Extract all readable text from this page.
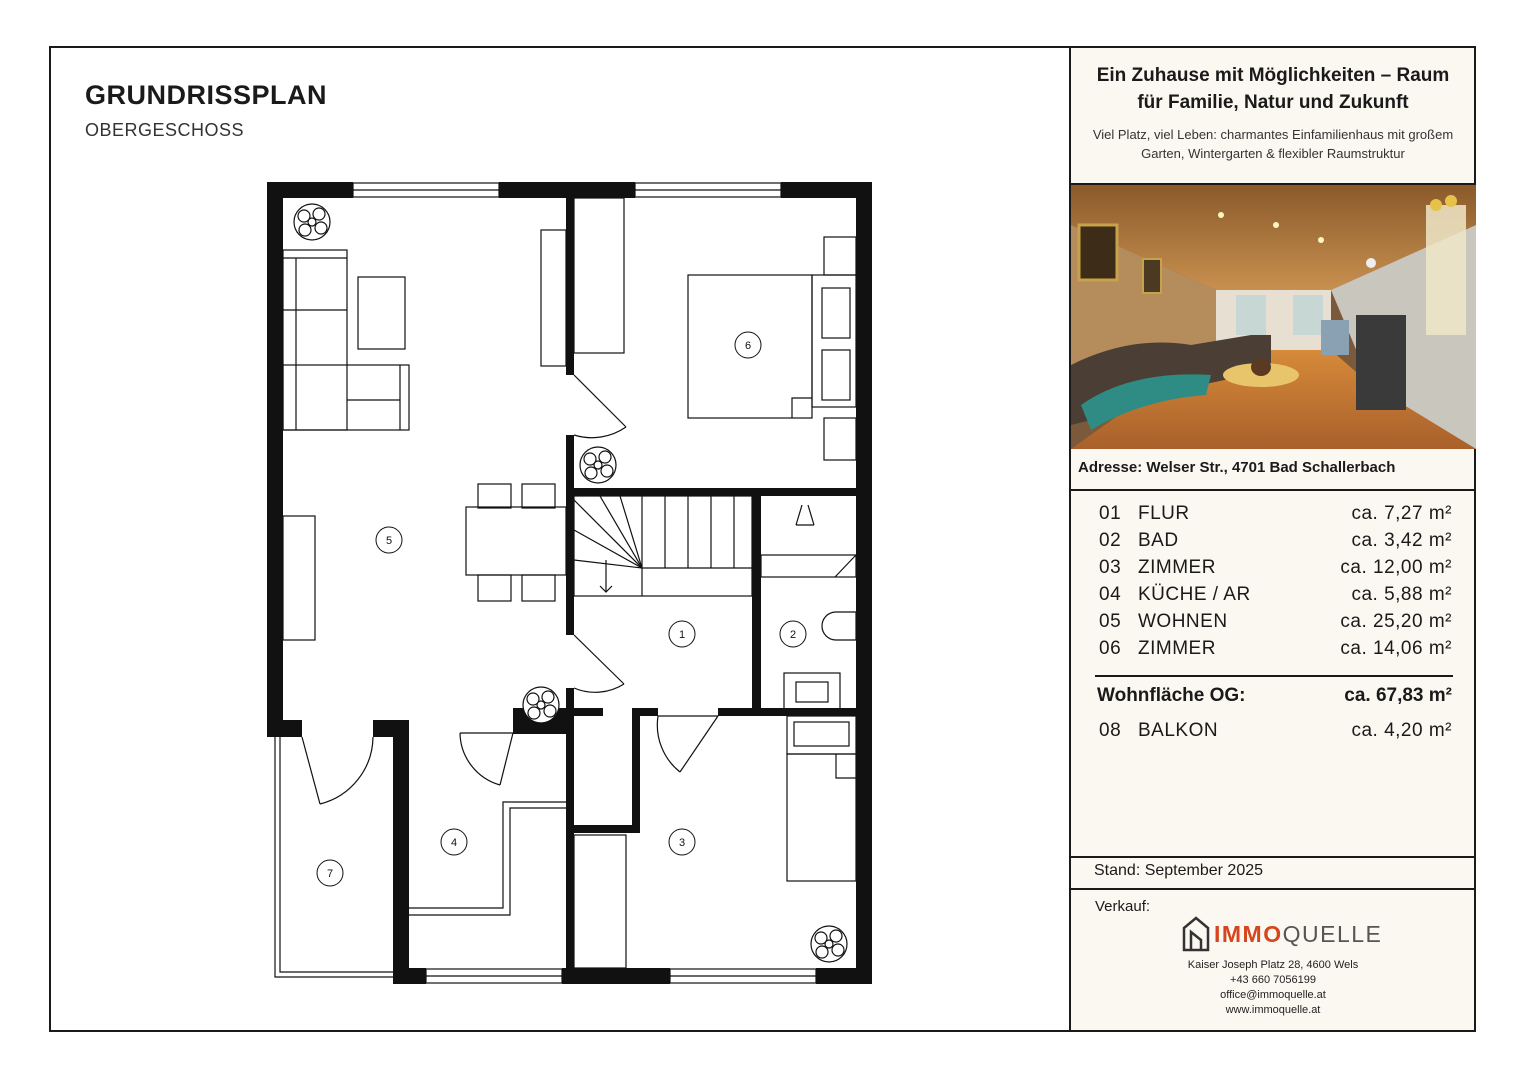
GRUNDRISSPLAN
OBERGESCHOSS
1	2
3
4
5
6
7
Ein Zuhause mit Möglichkeiten – Raum
für Familie, Natur und Zukunft
Viel Platz, viel Leben: charmantes Einfamilienhaus mit großem
Garten, Wintergarten & flexibler Raumstruktur
Adresse: Welser Str., 4701 Bad Schallerbach
01 FLUR	ca. 7,27 m²
02 BAD	ca. 3,42 m²
03 ZIMMER	ca. 12,00 m²
04 KÜCHE / AR	ca. 5,88 m²
05 WOHNEN	ca. 25,20 m²
06 ZIMMER	ca. 14,06 m²
Wohnfläche OG:	ca. 67,83 m²
08 BALKON	ca. 4,20 m²
Stand: September 2025
Verkauf:
IMMOQUELLE
Kaiser Joseph Platz 28, 4600 Wels
+43 660 7056199
office@immoquelle.at
www.immoquelle.at
